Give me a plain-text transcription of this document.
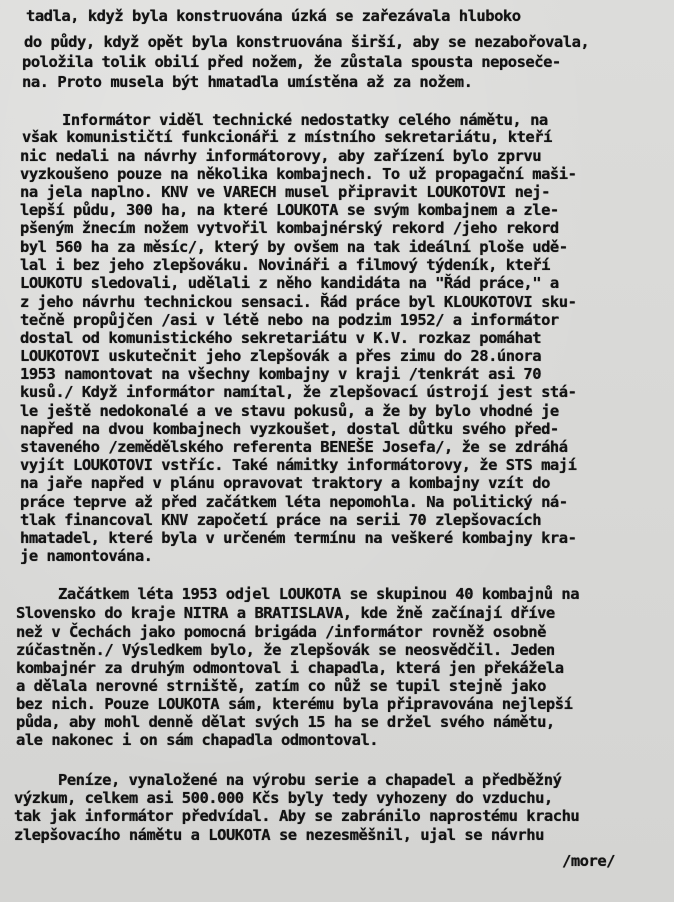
tadla, když byla konstruována úzká se zařezávala hluboko

do půdy, když opět byla konstruována širší, aby se nezabořovala,

položila tolik obilí před nožem, že zůstala spousta neposeče-

na. Proto musela být hmatadla umístěna až za nožem.

Informátor viděl technické nedostatky celého námětu, na

však komunističtí funkcionáři z místního sekretariátu, kteří

nic nedali na návrhy informátorovy, aby zařízení bylo zprvu

vyzkoušeno pouze na několika kombajnech. To už propagační maši-

na jela naplno. KNV ve VARECH musel připravit LOUKOTOVI nej-

lepší půdu, 300 ha, na které LOUKOTA se svým kombajnem a zle-

pšeným žnecím nožem vytvořil kombajnérský rekord /jeho rekord

byl 560 ha za měsíc/, který by ovšem na tak ideální ploše udě-

lal i bez jeho zlepšováku. Novináři a filmový týdeník, kteří

LOUKOTU sledovali, udělali z něho kandidáta na "Řád práce," a

z jeho návrhu technickou sensaci. Řád práce byl KLOUKOTOVI sku-

tečně propůjčen /asi v létě nebo na podzim 1952/ a informátor

dostal od komunistického sekretariátu v K.V. rozkaz pomáhat

LOUKOTOVI uskutečnit jeho zlepšovák a přes zimu do 28.února

1953 namontovat na všechny kombajny v kraji /tenkrát asi 70

kusů./ Když informátor namítal, že zlepšovací ústrojí jest stá-

le ještě nedokonalé a ve stavu pokusů, a že by bylo vhodné je

napřed na dvou kombajnech vyzkoušet, dostal důtku svého před-

staveného /zemědělského referenta BENEŠE Josefa/, že se zdráhá

vyjít LOUKOTOVI vstříc. Také námitky informátorovy, že STS mají

na jaře napřed v plánu opravovat traktory a kombajny vzít do

práce teprve až před začátkem léta nepomohla. Na politický ná-

tlak financoval KNV započetí práce na serii 70 zlepšovacích

hmatadel, které byla v určeném termínu na veškeré kombajny kra-

je namontována.

Začátkem léta 1953 odjel LOUKOTA se skupinou 40 kombajnů na

Slovensko do kraje NITRA a BRATISLAVA, kde žně začínají dříve

než v Čechách jako pomocná brigáda /informátor rovněž osobně

zúčastněn./ Výsledkem bylo, že zlepšovák se neosvědčil. Jeden

kombajnér za druhým odmontoval i chapadla, která jen překážela

a dělala nerovné strniště, zatím co nůž se tupil stejně jako

bez nich. Pouze LOUKOTA sám, kterému byla připravována nejlepší

půda, aby mohl denně dělat svých 15 ha se držel svého námětu,

ale nakonec i on sám chapadla odmontoval.

Peníze, vynaložené na výrobu serie a chapadel a předběžný

výzkum, celkem asi 500.000 Kčs byly tedy vyhozeny do vzduchu,

tak jak informátor předvídal. Aby se zabránilo naprostému krachu

zlepšovacího námětu a LOUKOTA se nezesměšnil, ujal se návrhu

/more/
